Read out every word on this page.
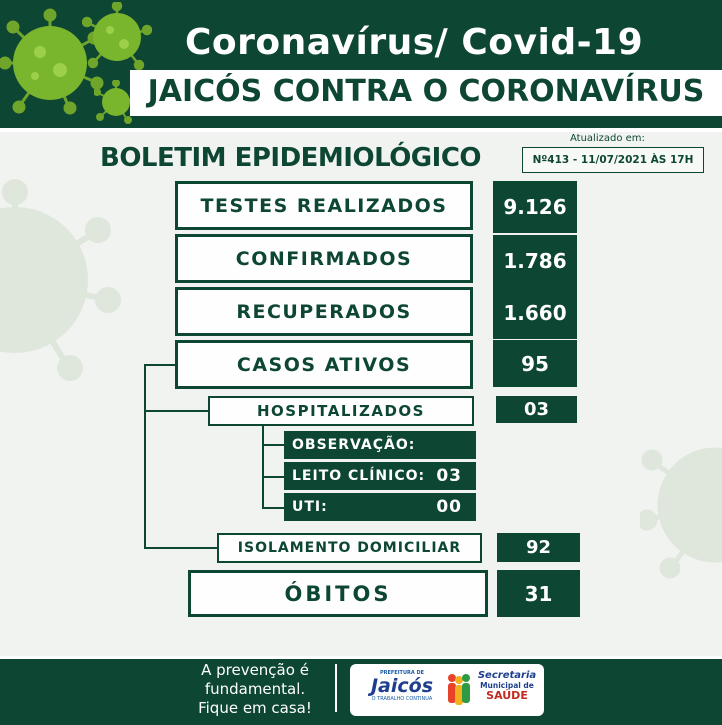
Coronavírus/ Covid-19
JAICÓS CONTRA O CORONAVÍRUS
BOLETIM EPIDEMIOLÓGICO
Atualizado em:
Nº413 - 11/07/2021 ÀS 17H
TESTES REALIZADOS	9.126
CONFIRMADOS	1.786
RECUPERADOS	1.660
CASOS ATIVOS	95
HOSPITALIZADOS	03
OBSERVAÇÃO:
LEITO CLÍNICO: 03
UTI:	00
ISOLAMENTO DOMICILIAR	92
ÓBITOS	31
A prevenção é
fundamental.
Fique em casa!
PREFEITURA DE
Jaicós
O TRABALHO CONTINUA
Secretaria
Municipal de
SAÚDE
